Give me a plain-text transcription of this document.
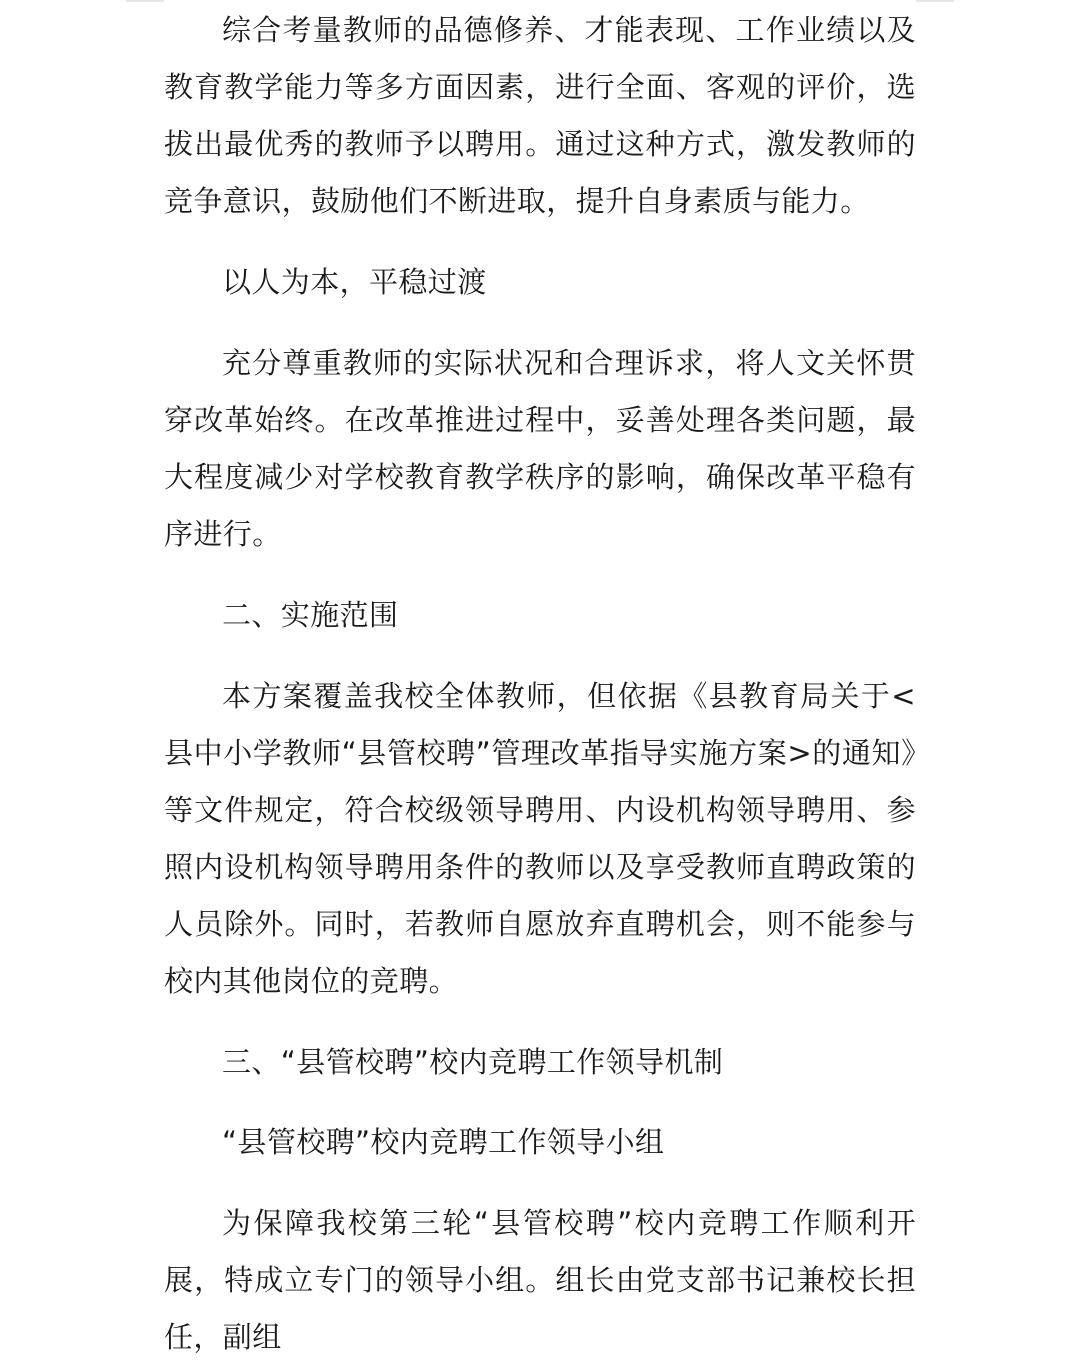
综合考量教师的品德修养、才能表现、工作业绩以及教育教学能力等多方面因素，进行全面、客观的评价，选拔出最优秀的教师予以聘用。通过这种方式，激发教师的竞争意识，鼓励他们不断进取，提升自身素质与能力。

以人为本，平稳过渡

充分尊重教师的实际状况和合理诉求，将人文关怀贯穿改革始终。在改革推进过程中，妥善处理各类问题，最大程度减少对学校教育教学秩序的影响，确保改革平稳有序进行。

二、实施范围

本方案覆盖我校全体教师，但依据《县教育局关于<县中小学教师“县管校聘”管理改革指导实施方案>的通知》等文件规定，符合校级领导聘用、内设机构领导聘用、参照内设机构领导聘用条件的教师以及享受教师直聘政策的人员除外。同时，若教师自愿放弃直聘机会，则不能参与校内其他岗位的竞聘。

三、“县管校聘”校内竞聘工作领导机制

“县管校聘”校内竞聘工作领导小组

为保障我校第三轮“县管校聘”校内竞聘工作顺利开展，特成立专门的领导小组。组长由党支部书记兼校长担任，副组
